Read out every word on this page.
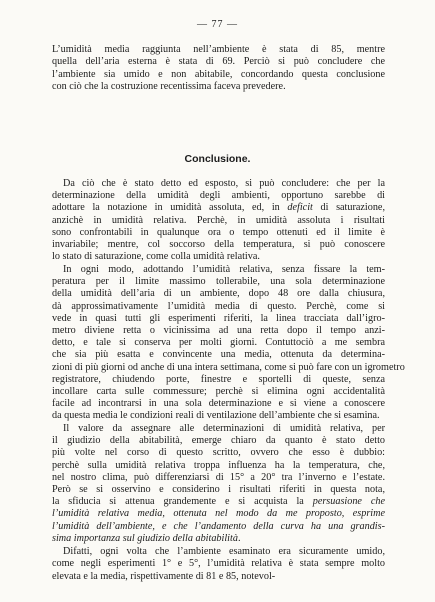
— 77 —
L’umidità media raggiunta nell’ambiente è stata di 85, mentre
quella dell’aria esterna è stata di 69. Perciò si può concludere che
l’ambiente sia umido e non abitabile, concordando questa conclusione
con ciò che la costruzione recentissima faceva prevedere.
Da ciò che è stato detto ed esposto, si può concludere: che per la
determinazione della umidità degli ambienti, opportuno sarebbe di
adottare la notazione in umidità assoluta, ed, in deficit di saturazione,
anzichè in umidità relativa. Perchè, in umidità assoluta i risultati
sono confrontabili in qualunque ora o tempo ottenuti ed il limite è
invariabile; mentre, col soccorso della temperatura, si può conoscere
lo stato di saturazione, come colla umidità relativa.
In ogni modo, adottando l’umidità relativa, senza fissare la tem-
peratura per il limite massimo tollerabile, una sola determinazione
della umidità dell’aria di un ambiente, dopo 48 ore dalla chiusura,
dà approssimativamente l’umidità media di questo. Perchè, come si
vede in quasi tutti gli esperimenti riferiti, la linea tracciata dall’igro-
metro diviene retta o vicinissima ad una retta dopo il tempo anzi-
detto, e tale si conserva per molti giorni. Contuttociò a me sembra
che sia più esatta e convincente una media, ottenuta da determina-
zioni di più giorni od anche di una intera settimana, come si può fare con un igrometro
registratore, chiudendo porte, finestre e sportelli di queste, senza
incollare carta sulle commessure; perchè si elimina ogni accidentalità
facile ad incontrarsi in una sola determinazione e si viene a conoscere
da questa media le condizioni reali di ventilazione dell’ambiente che si esamina.
Il valore da assegnare alle determinazioni di umidità relativa, per
il giudizio della abitabilità, emerge chiaro da quanto è stato detto
più volte nel corso di questo scritto, ovvero che esso è dubbio:
perchè sulla umidità relativa troppa influenza ha la temperatura, che,
nel nostro clima, può differenziarsi di 15° a 20° tra l’inverno e l’estate.
Però se si osservino e considerino i risultati riferiti in questa nota,
la sfiducia si attenua grandemente e si acquista la persuasione che
l’umidità relativa media, ottenuta nel modo da me proposto, esprime
l’umidità dell’ambiente, e che l’andamento della curva ha una grandis-
sima importanza sul giudizio della abitabilità.
Difatti, ogni volta che l’ambiente esaminato era sicuramente umido,
come negli esperimenti 1° e 5°, l’umidità relativa è stata sempre molto
elevata e la media, rispettivamente di 81 e 85, notevol-
Conclusione.
